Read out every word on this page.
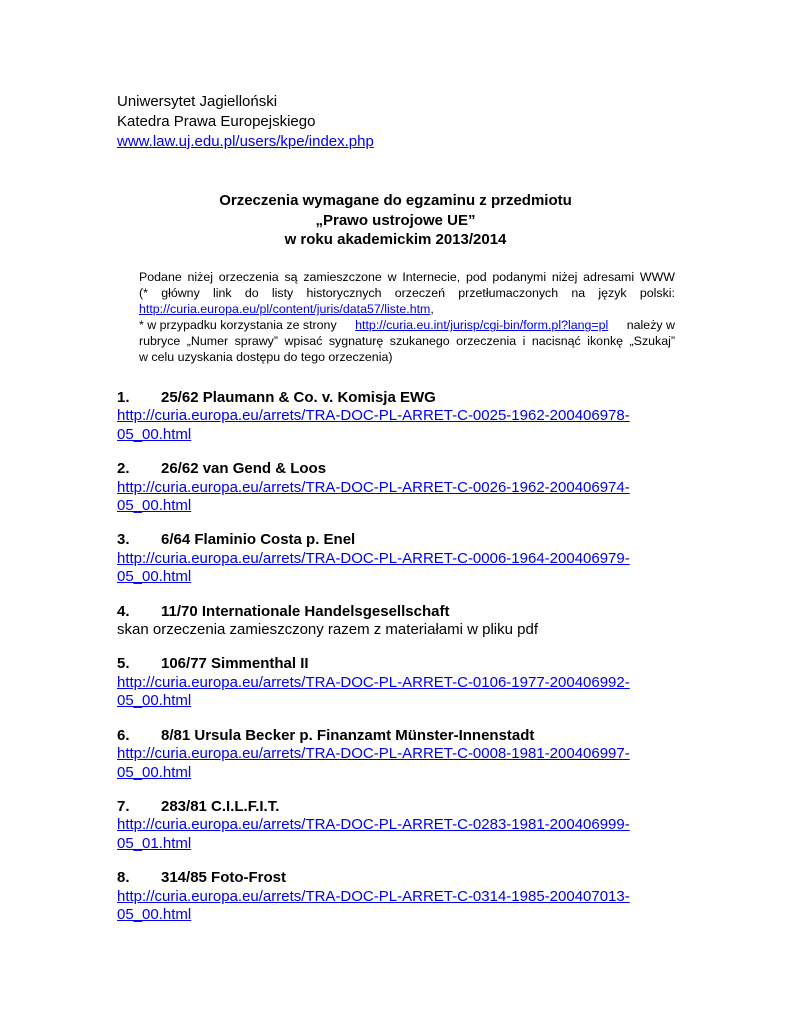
Uniwersytet Jagielloński
Katedra Prawa Europejskiego
www.law.uj.edu.pl/users/kpe/index.php
Orzeczenia wymagane do egzaminu z przedmiotu
„Prawo ustrojowe UE”
w roku akademickim 2013/2014
Podane niżej orzeczenia są zamieszczone w Internecie, pod podanymi niżej adresami WWW
(* główny link do listy historycznych orzeczeń przetłumaczonych na język polski:
http://curia.europa.eu/pl/content/juris/data57/liste.htm,
* w przypadku korzystania ze strony http://curia.eu.int/jurisp/cgi-bin/form.pl?lang=pl należy w
rubryce „Numer sprawy” wpisać sygnaturę szukanego orzeczenia i nacisnąć ikonkę „Szukaj”
w celu uzyskania dostępu do tego orzeczenia)
1. 25/62 Plaumann & Co. v. Komisja EWG
http://curia.europa.eu/arrets/TRA-DOC-PL-ARRET-C-0025-1962-200406978-
05_00.html
2. 26/62 van Gend & Loos
http://curia.europa.eu/arrets/TRA-DOC-PL-ARRET-C-0026-1962-200406974-
05_00.html
3. 6/64 Flaminio Costa p. Enel
http://curia.europa.eu/arrets/TRA-DOC-PL-ARRET-C-0006-1964-200406979-
05_00.html
4. 11/70 Internationale Handelsgesellschaft
skan orzeczenia zamieszczony razem z materiałami w pliku pdf
5. 106/77 Simmenthal II
http://curia.europa.eu/arrets/TRA-DOC-PL-ARRET-C-0106-1977-200406992-
05_00.html
6. 8/81 Ursula Becker p. Finanzamt Münster-Innenstadt
http://curia.europa.eu/arrets/TRA-DOC-PL-ARRET-C-0008-1981-200406997-
05_00.html
7. 283/81 C.I.L.F.I.T.
http://curia.europa.eu/arrets/TRA-DOC-PL-ARRET-C-0283-1981-200406999-
05_01.html
8. 314/85 Foto-Frost
http://curia.europa.eu/arrets/TRA-DOC-PL-ARRET-C-0314-1985-200407013-
05_00.html
